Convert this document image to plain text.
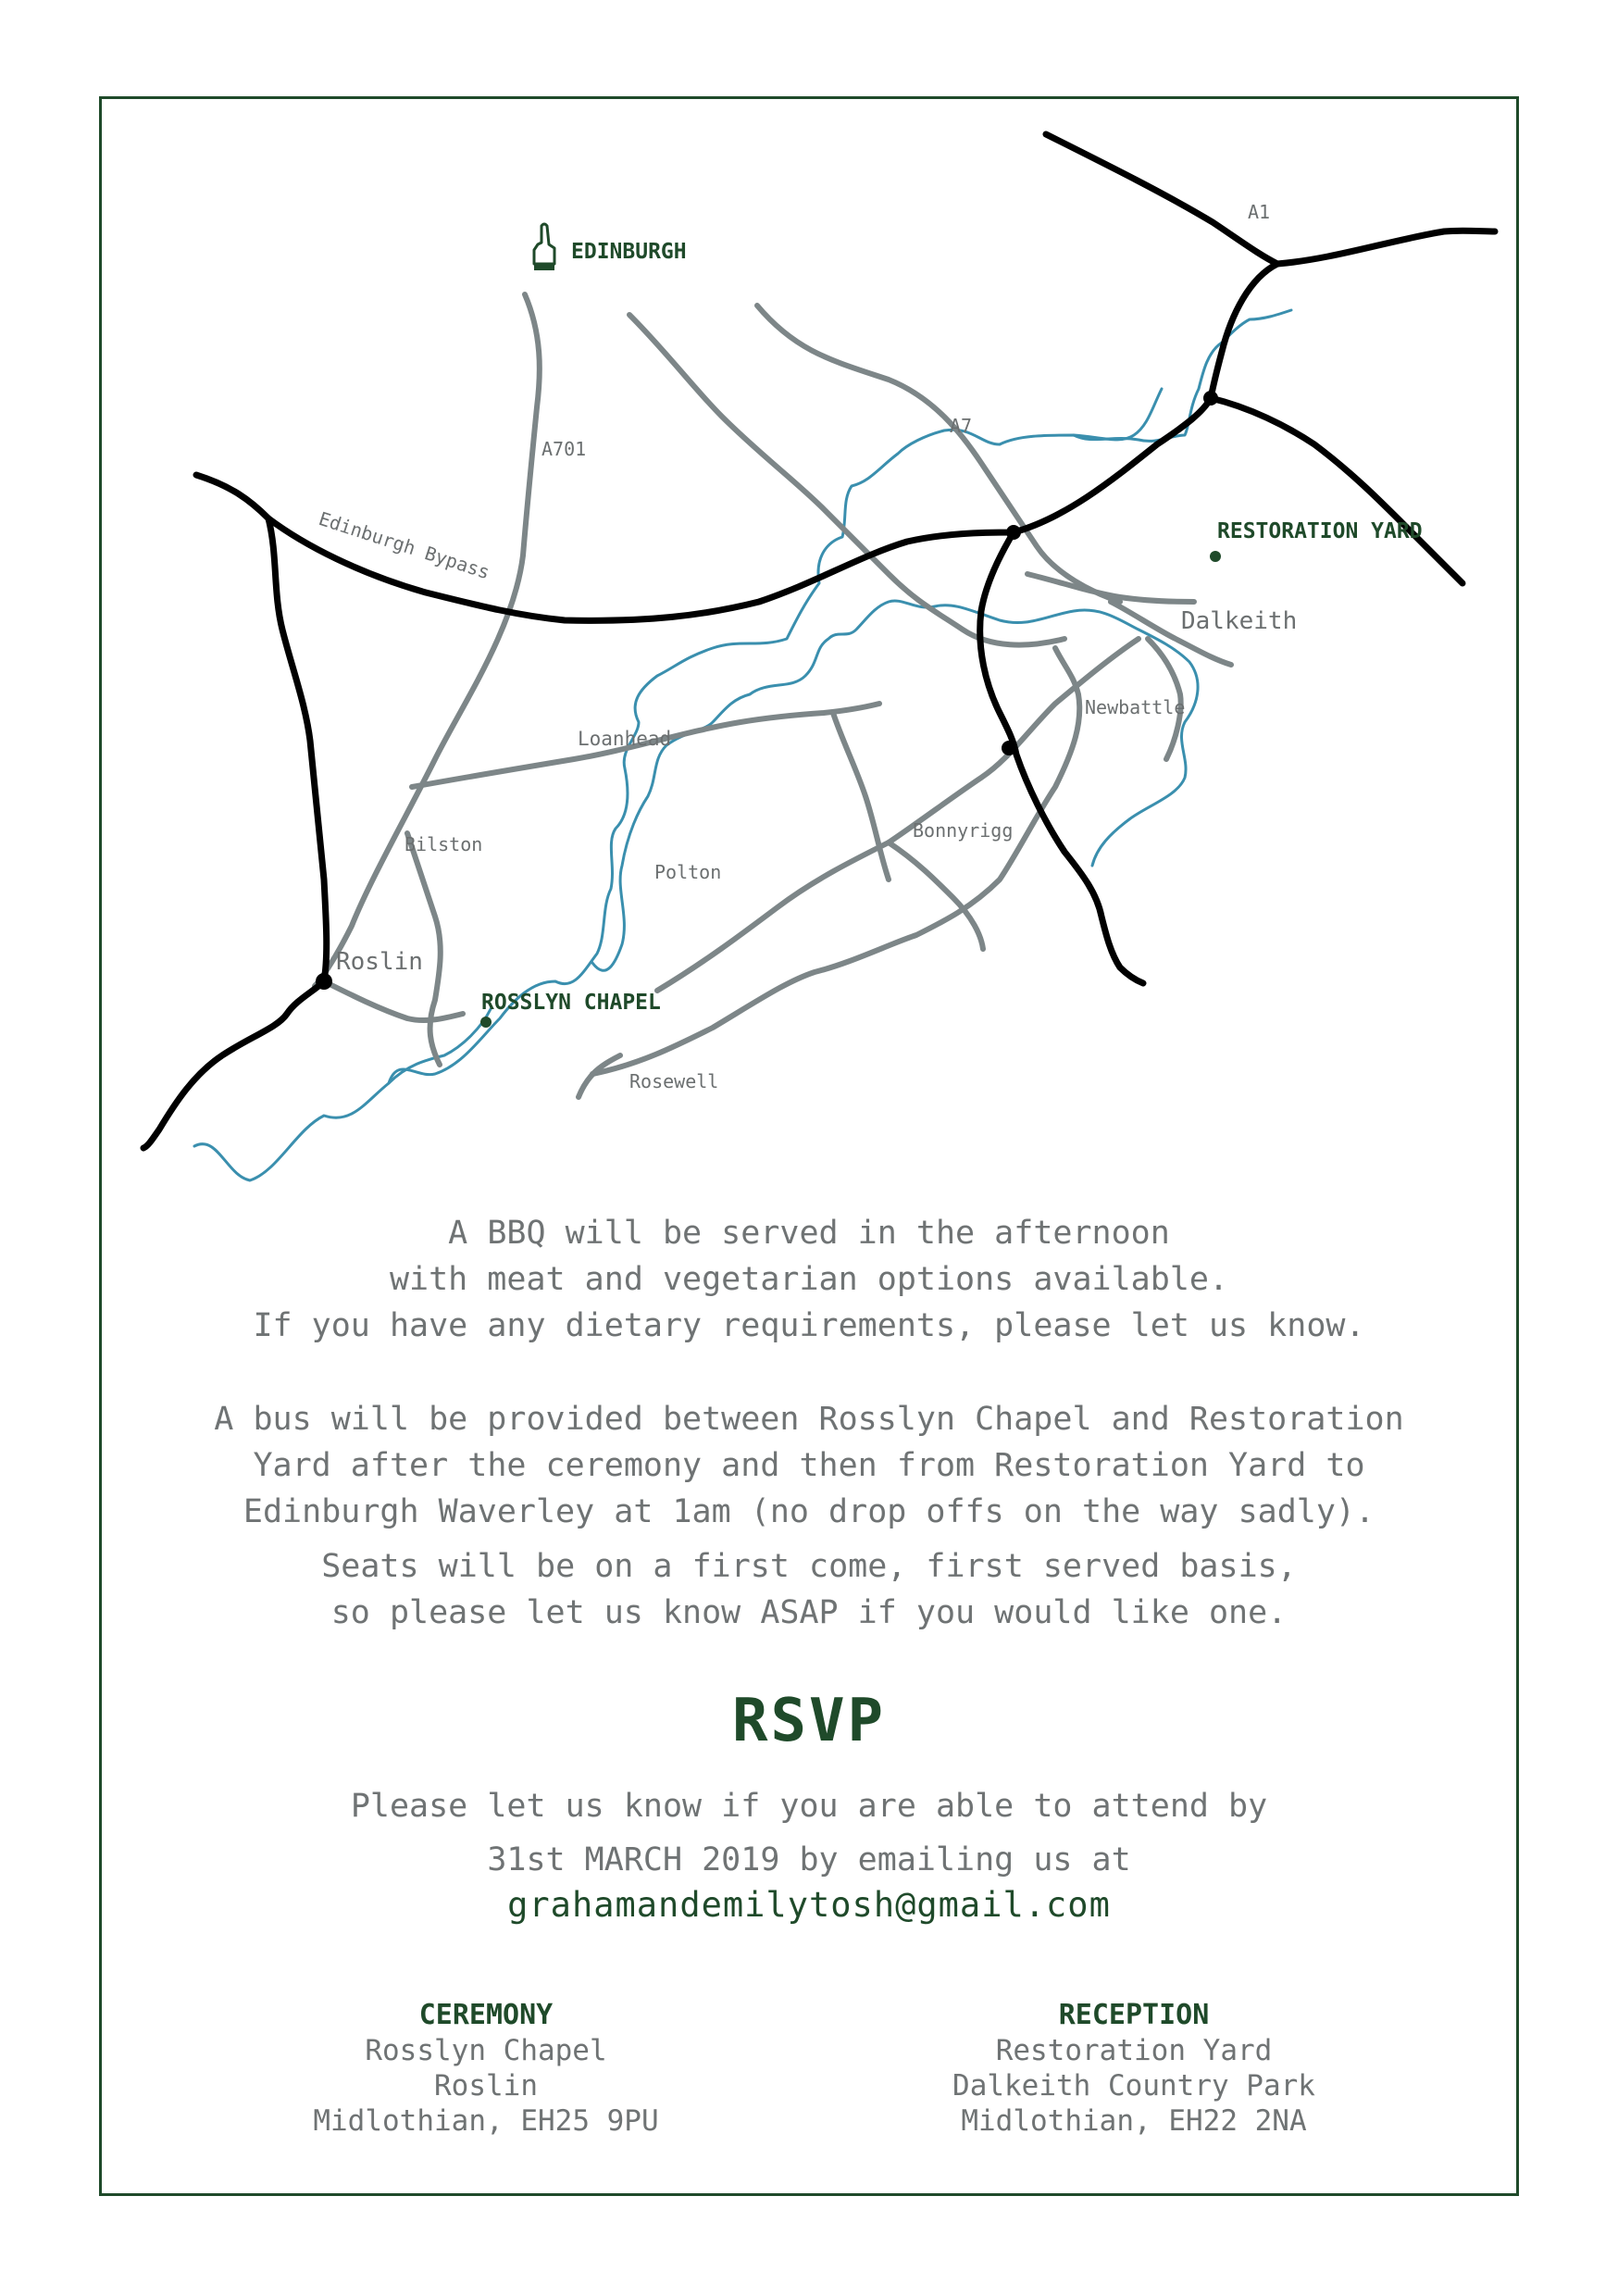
EDINBURGH
A1
A7
A701
Edinburgh Bypass	RESTORATION YARD
ROSSLYN CHAPEL
Dalkeith
Newbattle
Loanhead
Bilston
Polton
Bonnyrigg
Roslin
Rosewell

A BBQ will be served in the afternoon
with meat and vegetarian options available.
If you have any dietary requirements, please let us know.

A bus will be provided between Rosslyn Chapel and Restoration
Yard after the ceremony and then from Restoration Yard to
Edinburgh Waverley at 1am (no drop offs on the way sadly).

Seats will be on a first come, first served basis,
so please let us know ASAP if you would like one.

RSVP

Please let us know if you are able to attend by
31st MARCH 2019 by emailing us at

grahamandemilytosh@gmail.com

CEREMONY
Rosslyn Chapel
Roslin
Midlothian, EH25 9PU
RECEPTION
Restoration Yard
Dalkeith Country Park
Midlothian, EH22 2NA
